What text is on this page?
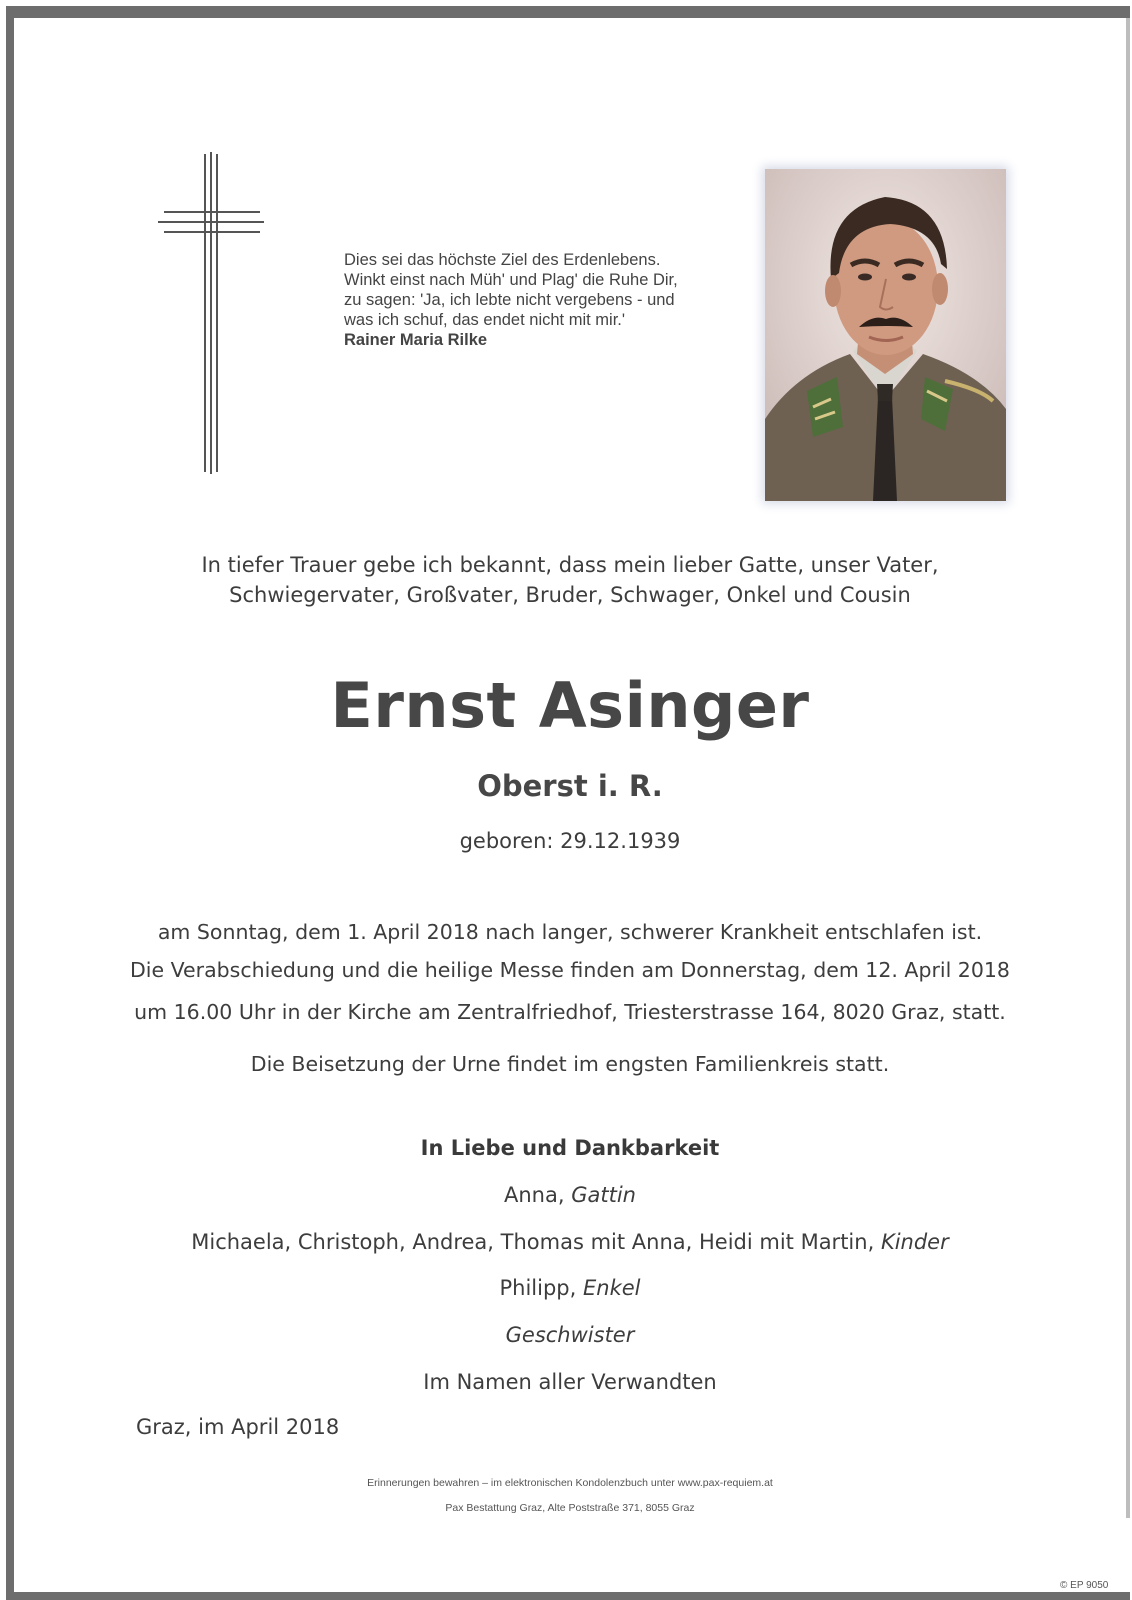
Dies sei das höchste Ziel des Erdenlebens.
Winkt einst nach Müh' und Plag' die Ruhe Dir,
zu sagen: 'Ja, ich lebte nicht vergebens - und
was ich schuf, das endet nicht mit mir.'
Rainer Maria Rilke
In tiefer Trauer gebe ich bekannt, dass mein lieber Gatte, unser Vater,
Schwiegervater, Großvater, Bruder, Schwager, Onkel und Cousin
Ernst Asinger
Oberst i. R.
geboren: 29.12.1939
am Sonntag, dem 1. April 2018 nach langer, schwerer Krankheit entschlafen ist.
Die Verabschiedung und die heilige Messe finden am Donnerstag, dem 12. April 2018
um 16.00 Uhr in der Kirche am Zentralfriedhof, Triesterstrasse 164, 8020 Graz, statt.
Die Beisetzung der Urne findet im engsten Familienkreis statt.
In Liebe und Dankbarkeit
Anna, Gattin
Michaela, Christoph, Andrea, Thomas mit Anna, Heidi mit Martin, Kinder
Philipp, Enkel
Geschwister
Im Namen aller Verwandten
Graz, im April 2018
Erinnerungen bewahren – im elektronischen Kondolenzbuch unter www.pax-requiem.at
Pax Bestattung Graz, Alte Poststraße 371, 8055 Graz
© EP 9050
